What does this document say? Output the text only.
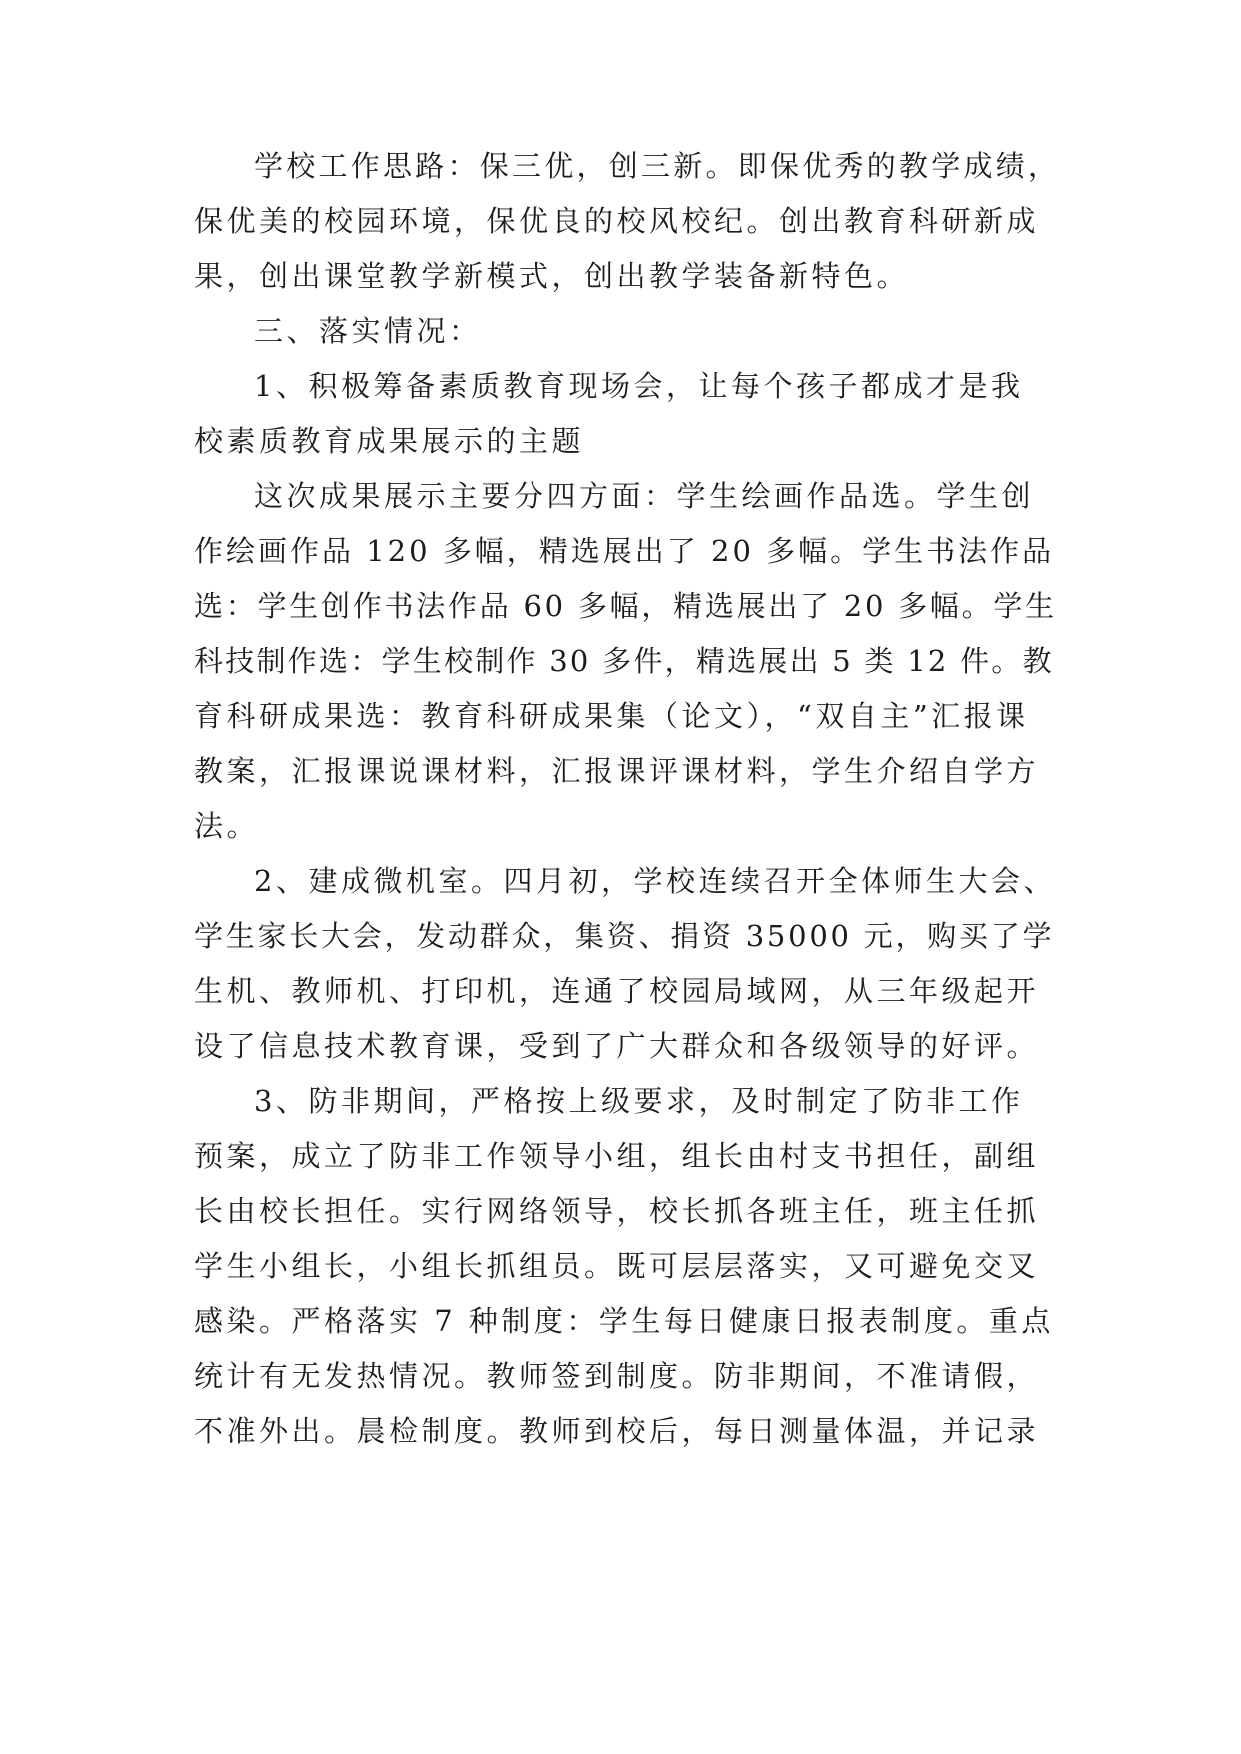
学校工作思路：保三优，创三新。即保优秀的教学成绩，

保优美的校园环境，保优良的校风校纪。创出教育科研新成

果，创出课堂教学新模式，创出教学装备新特色。

三、落实情况：

1、积极筹备素质教育现场会，让每个孩子都成才是我

校素质教育成果展示的主题

这次成果展示主要分四方面：学生绘画作品选。学生创

作绘画作品 120 多幅，精选展出了 20 多幅。学生书法作品

选：学生创作书法作品 60 多幅，精选展出了 20 多幅。学生

科技制作选：学生校制作 30 多件，精选展出 5 类 12 件。教

育科研成果选：教育科研成果集（论文），“双自主”汇报课

教案，汇报课说课材料，汇报课评课材料，学生介绍自学方

法。

2、建成微机室。四月初，学校连续召开全体师生大会、

学生家长大会，发动群众，集资、捐资 35000 元，购买了学

生机、教师机、打印机，连通了校园局域网，从三年级起开

设了信息技术教育课，受到了广大群众和各级领导的好评。

3、防非期间，严格按上级要求，及时制定了防非工作

预案，成立了防非工作领导小组，组长由村支书担任，副组

长由校长担任。实行网络领导，校长抓各班主任，班主任抓

学生小组长，小组长抓组员。既可层层落实，又可避免交叉

感染。严格落实 7 种制度：学生每日健康日报表制度。重点

统计有无发热情况。教师签到制度。防非期间，不准请假，

不准外出。晨检制度。教师到校后，每日测量体温，并记录
